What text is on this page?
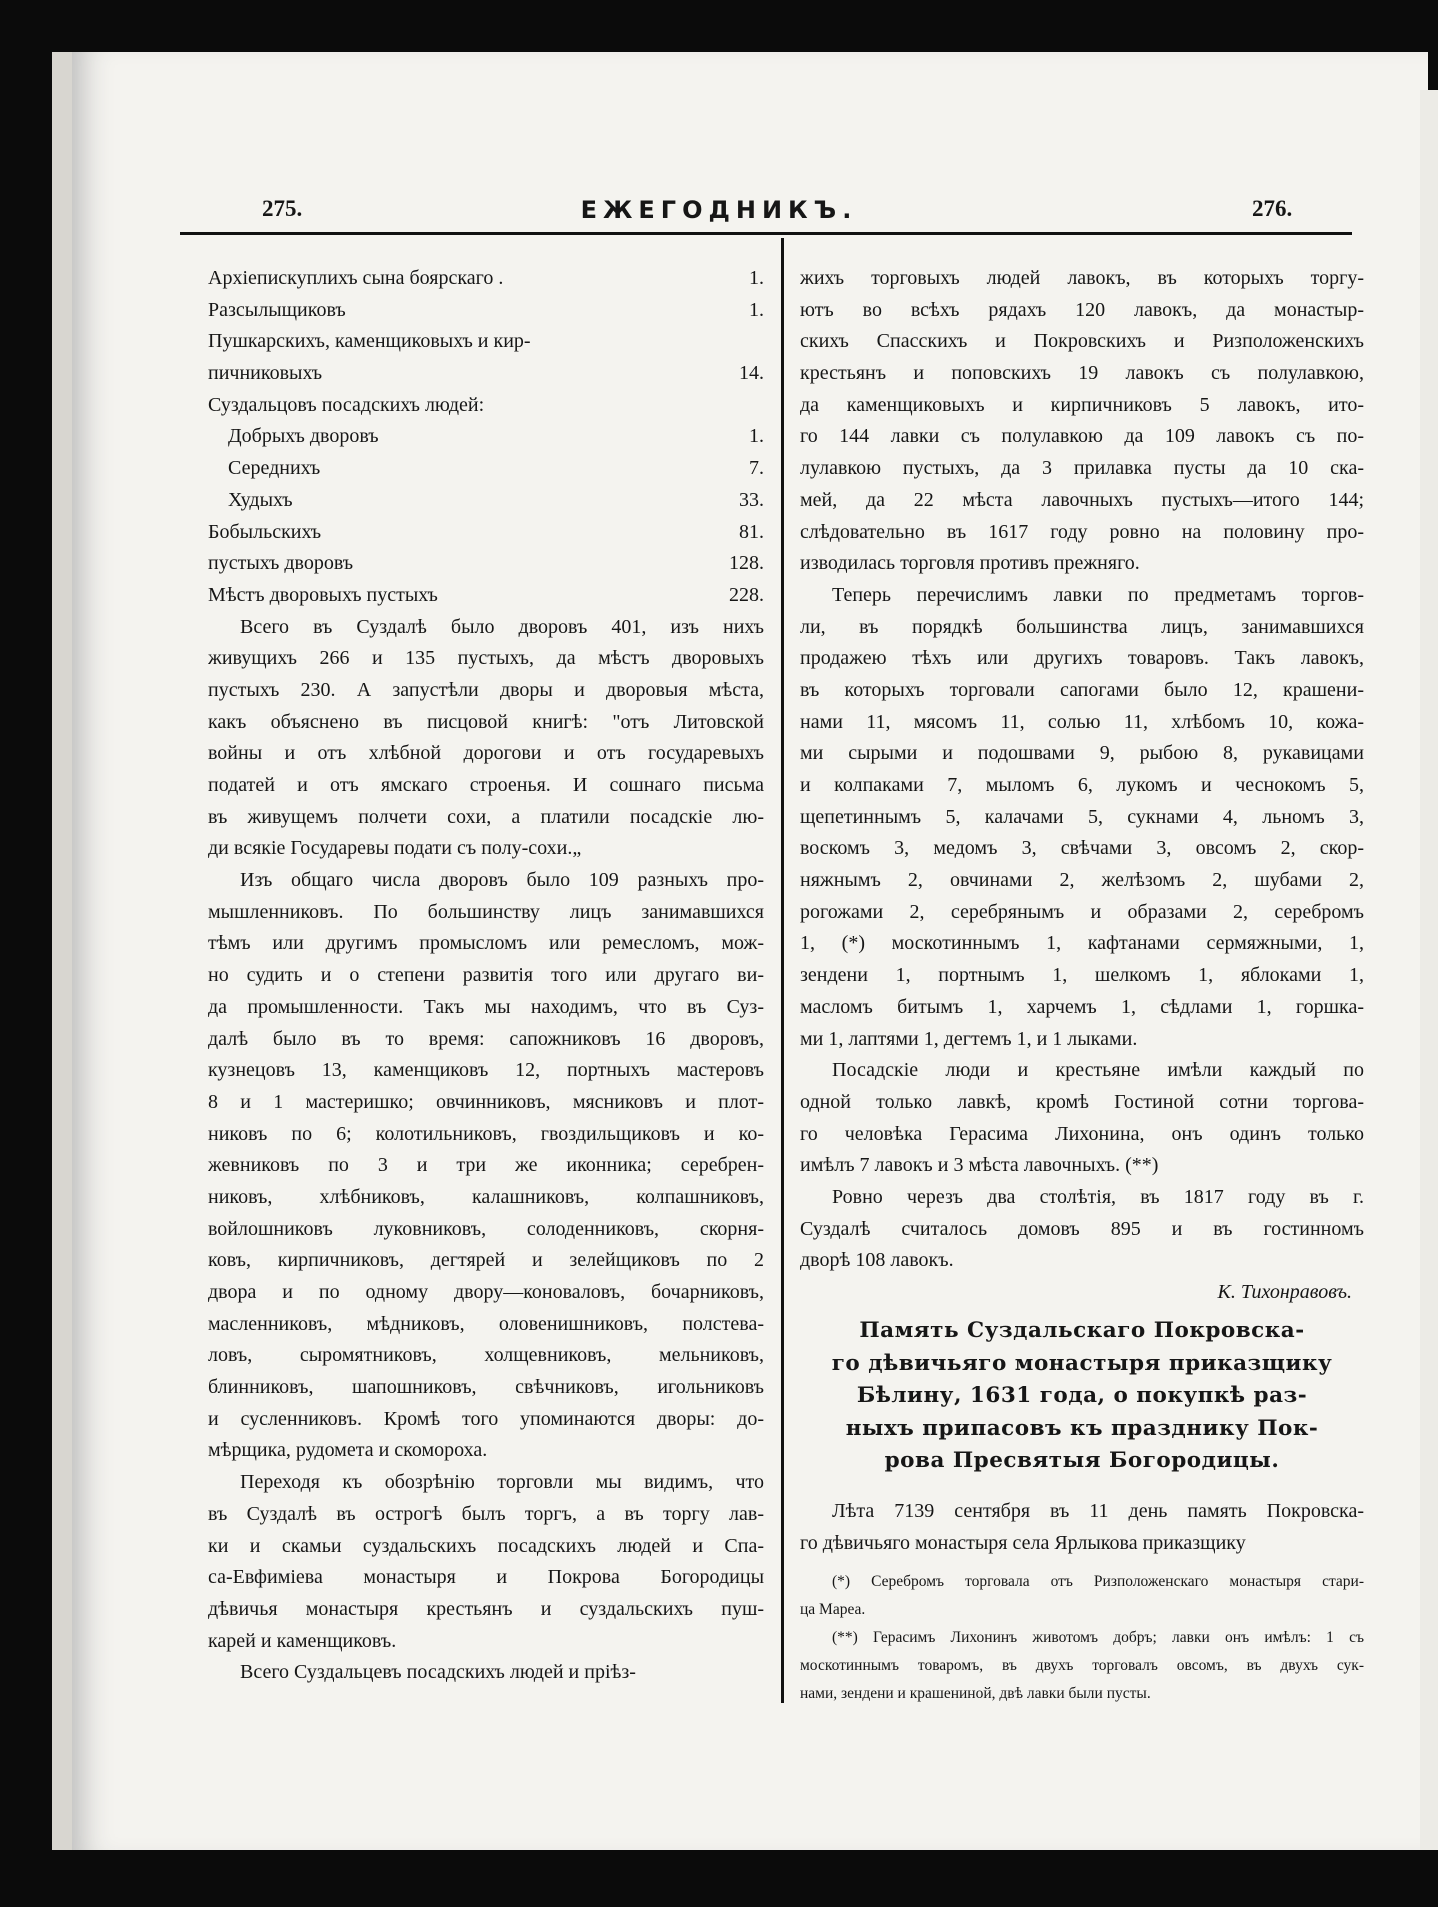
275.	ЕЖЕГОДНИКЪ.	276.
Архіепискуплихъ сына боярскаго .	1.
Разсылыщиковъ	1.
Пушкарскихъ, каменщиковыхъ и кир-
пичниковыхъ	14.
Суздальцовъ посадскихъ людей:
Добрыхъ дворовъ	1.
Середнихъ	7.
Худыхъ	33.
Бобыльскихъ	81.
пустыхъ дворовъ	128.
Мѣстъ дворовыхъ пустыхъ	228.
Всего въ Суздалѣ было дворовъ 401, изъ нихъ
живущихъ 266 и 135 пустыхъ, да мѣстъ дворовыхъ
пустыхъ 230. А запустѣли дворы и дворовыя мѣста,
какъ объяснено въ писцовой книгѣ: "отъ Литовской
войны и отъ хлѣбной дорогови и отъ государевыхъ
податей и отъ ямскаго строенья. И сошнаго письма
въ живущемъ полчети сохи, а платили посадскіе лю-
ди всякіе Государевы подати съ полу-сохи.„
Изъ общаго числа дворовъ было 109 разныхъ про-
мышленниковъ. По большинству лицъ занимавшихся
тѣмъ или другимъ промысломъ или ремесломъ, мож-
но судить и о степени развитія того или другаго ви-
да промышленности. Такъ мы находимъ, что въ Суз-
далѣ было въ то время: сапожниковъ 16 дворовъ,
кузнецовъ 13, каменщиковъ 12, портныхъ мастеровъ
8 и 1 мастеришко; овчинниковъ, мясниковъ и плот-
никовъ по 6; колотильниковъ, гвоздильщиковъ и ко-
жевниковъ по 3 и три же иконника; серебрен-
никовъ, хлѣбниковъ, калашниковъ, колпашниковъ,
войлошниковъ луковниковъ, солоденниковъ, скорня-
ковъ, кирпичниковъ, дегтярей и зелейщиковъ по 2
двора и по одному двору—коноваловъ, бочарниковъ,
масленниковъ, мѣдниковъ, оловенишниковъ, полстева-
ловъ, сыромятниковъ, холщевниковъ, мельниковъ,
блинниковъ, шапошниковъ, свѣчниковъ, игольниковъ
и сусленниковъ. Кромѣ того упоминаются дворы: до-
мѣрщика, рудомета и скомороха.
Переходя къ обозрѣнію торговли мы видимъ, что
въ Суздалѣ въ острогѣ былъ торгъ, а въ торгу лав-
ки и скамьи суздальскихъ посадскихъ людей и Спа-
са-Евфиміева монастыря и Покрова Богородицы
дѣвичья монастыря крестьянъ и суздальскихъ пуш-
карей и каменщиковъ.
Всего Суздальцевъ посадскихъ людей и пріѣз-
жихъ торговыхъ людей лавокъ, въ которыхъ торгу-
ютъ во всѣхъ рядахъ 120 лавокъ, да монастыр-
скихъ Спасскихъ и Покровскихъ и Ризположенскихъ
крестьянъ и поповскихъ 19 лавокъ съ полулавкою,
да каменщиковыхъ и кирпичниковъ 5 лавокъ, ито-
го 144 лавки съ полулавкою да 109 лавокъ съ по-
лулавкою пустыхъ, да 3 прилавка пусты да 10 ска-
мей, да 22 мѣста лавочныхъ пустыхъ—итого 144;
слѣдовательно въ 1617 году ровно на половину про-
изводилась торговля противъ прежняго.
Теперь перечислимъ лавки по предметамъ торгов-
ли, въ порядкѣ большинства лицъ, занимавшихся
продажею тѣхъ или другихъ товаровъ. Такъ лавокъ,
въ которыхъ торговали сапогами было 12, крашени-
нами 11, мясомъ 11, солью 11, хлѣбомъ 10, кожа-
ми сырыми и подошвами 9, рыбою 8, рукавицами
и колпаками 7, мыломъ 6, лукомъ и чеснокомъ 5,
щепетиннымъ 5, калачами 5, сукнами 4, льномъ 3,
воскомъ 3, медомъ 3, свѣчами 3, овсомъ 2, скор-
няжнымъ 2, овчинами 2, желѣзомъ 2, шубами 2,
рогожами 2, серебрянымъ и образами 2, серебромъ
1, (*) москотиннымъ 1, кафтанами сермяжными, 1,
зендени 1, портнымъ 1, шелкомъ 1, яблоками 1,
масломъ битымъ 1, харчемъ 1, сѣдлами 1, горшка-
ми 1, лаптями 1, дегтемъ 1, и 1 лыками.
Посадскіе люди и крестьяне имѣли каждый по
одной только лавкѣ, кромѣ Гостиной сотни торгова-
го человѣка Герасима Лихонина, онъ одинъ только
имѣлъ 7 лавокъ и 3 мѣста лавочныхъ. (**)
Ровно черезъ два столѣтія, въ 1817 году въ г.
Суздалѣ считалось домовъ 895 и въ гостинномъ
дворѣ 108 лавокъ.
К. Тихонравовъ.
Память Суздальскаго Покровска-
го дѣвичьяго монастыря приказщику
Бѣлину, 1631 года, о покупкѣ раз-
ныхъ припасовъ къ празднику Пок-
рова Пресвятыя Богородицы.
Лѣта 7139 сентября въ 11 день память Покровска-
го дѣвичьяго монастыря села Ярлыкова приказщику
(*) Серебромъ торговала отъ Ризположенскаго монастыря стари-
ца Мареа.
(**) Герасимъ Лихонинъ животомъ добръ; лавки онъ имѣлъ: 1 съ
москотиннымъ товаромъ, въ двухъ торговалъ овсомъ, въ двухъ сук-
нами, зендени и крашениной, двѣ лавки были пусты.
